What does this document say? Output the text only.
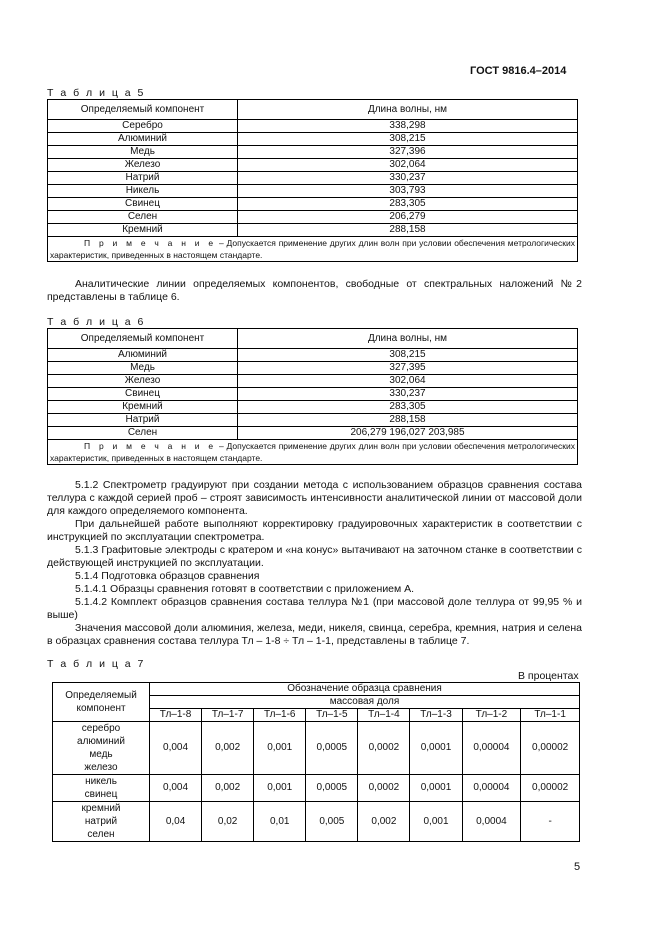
ГОСТ 9816.4–2014
Т а б л и ц а 5
Определяемый компонент	Длина волны, нм
Серебро	338,298
Алюминий	308,215
Медь	327,396
Железо	302,064
Натрий	330,237
Никель	303,793
Свинец	283,305
Селен	206,279
Кремний	288,158
П р и м е ч а н и е – Допускается применение других длин волн при условии обеспечения метрологических характеристик, приведенных в настоящем стандарте.	

Аналитические линии определяемых компонентов, свободные от спектральных наложений №2 представлены в таблице 6.

Т а б л и ц а 6
Определяемый компонент	Длина волны, нм
Алюминий	308,215
Медь	327,395
Железо	302,064
Свинец	330,237
Кремний	283,305
Натрий	288,158
Селен	206,279 196,027 203,985
П р и м е ч а н и е – Допускается применение других длин волн при условии обеспечения метрологических характеристик, приведенных в настоящем стандарте.	

5.1.2 Спектрометр градуируют при создании метода с использованием образцов сравнения состава теллура с каждой серией проб – строят зависимость интенсивности аналитической линии от массовой доли для каждого определяемого компонента.

При дальнейшей работе выполняют корректировку градуировочных характеристик в соответствии с инструкцией по эксплуатации спектрометра.

5.1.3 Графитовые электроды с кратером и «на конус» вытачивают на заточном станке в соответствии с действующей инструкцией по эксплуатации.

5.1.4 Подготовка образцов сравнения

5.1.4.1 Образцы сравнения готовят в соответствии с приложением А.

5.1.4.2 Комплект образцов сравнения состава теллура №1 (при массовой доле теллура от 99,95 % и выше)

Значения массовой доли алюминия, железа, меди, никеля, свинца, серебра, кремния, натрия и селена в образцах сравнения состава теллура Тл – 1-8 ÷ Тл – 1-1, представлены в таблице 7.

Т а б л и ц а 7
В процентах
Определяемый компонент	Обозначение образца сравнения							
	массовая доля							
	Тл–1-8	Тл–1-7	Тл–1-6	Тл–1-5	Тл–1-4	Тл–1-3	Тл–1-2	Тл–1-1

серебро
алюминий
медь
железо	0,004	0,002	0,001	0,0005	0,0002	0,0001	0,00004	0,00002

никель
свинец	0,004	0,002	0,001	0,0005	0,0002	0,0001	0,00004	0,00002

кремний
натрий
селен	0,04	0,02	0,01	0,005	0,002	0,001	0,0004	-
5
